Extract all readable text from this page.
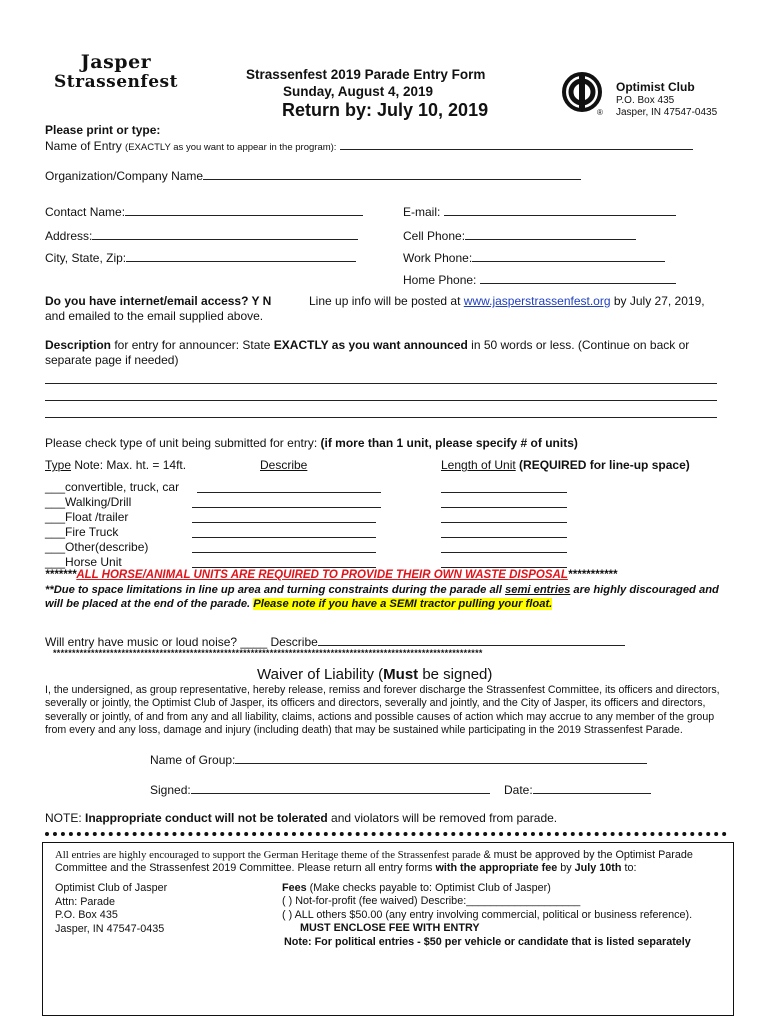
Jasper
Strassenfest	Strassenfest 2019 Parade Entry Form
Sunday, August 4, 2019
Return by: July 10, 2019	®
Optimist Club
P.O. Box 435
Jasper, IN 47547-0435
Please print or type:
Name of Entry (EXACTLY as you want to appear in the program):
Organization/Company Name
Contact Name:	E-mail:
Address:	Cell Phone:
City, State, Zip:	Work Phone:
Home Phone:
Do you have internet/email access? Y N	Line up info will be posted at www.jasperstrassenfest.org by July 27, 2019,
and emailed to the email supplied above.
Description for entry for announcer: State EXACTLY as you want announced in 50 words or less. (Continue on back or
separate page if needed)
Please check type of unit being submitted for entry: (if more than 1 unit, please specify # of units)
Type Note: Max. ht. = 14ft.	Describe	Length of Unit (REQUIRED for line-up space)
___convertible, truck, car
___Walking/Drill
___Float /trailer
___Fire Truck
___Other(describe)
___Horse Unit
*******ALL HORSE/ANIMAL UNITS ARE REQUIRED TO PROVIDE THEIR OWN WASTE DISPOSAL***********
**Due to space limitations in line up area and turning constraints during the parade all semi entries are highly discouraged and
will be placed at the end of the parade. Please note if you have a SEMI tractor pulling your float.
Will entry have music or loud noise? ____ Describe
*****************************************************************************************************************
Waiver of Liability (Must be signed)
I, the undersigned, as group representative, hereby release, remiss and forever discharge the Strassenfest Committee, its officers and directors, severally or jointly, the Optimist Club of Jasper, its officers and directors, severally and jointly, and the City of Jasper, its officers and directors, severally or jointly, of and from any and all liability, claims, actions and possible causes of action which may accrue to any member of the group from every and any loss, damage and injury (including death) that may be sustained while participating in the 2019 Strassenfest Parade.
Name of Group:
Signed:	Date:
NOTE: Inappropriate conduct will not be tolerated and violators will be removed from parade.
All entries are highly encouraged to support the German Heritage theme of the Strassenfest parade & must be approved by the Optimist Parade
Committee and the Strassenfest 2019 Committee. Please return all entry forms with the appropriate fee by July 10th to:
Optimist Club of Jasper
Attn: Parade
P.O. Box 435
Jasper, IN 47547-0435
Fees (Make checks payable to: Optimist Club of Jasper)
( ) Not-for-profit (fee waived) Describe:___________________
( ) ALL others $50.00 (any entry involving commercial, political or business reference).
MUST ENCLOSE FEE WITH ENTRY
Note: For political entries - $50 per vehicle or candidate that is listed separately
